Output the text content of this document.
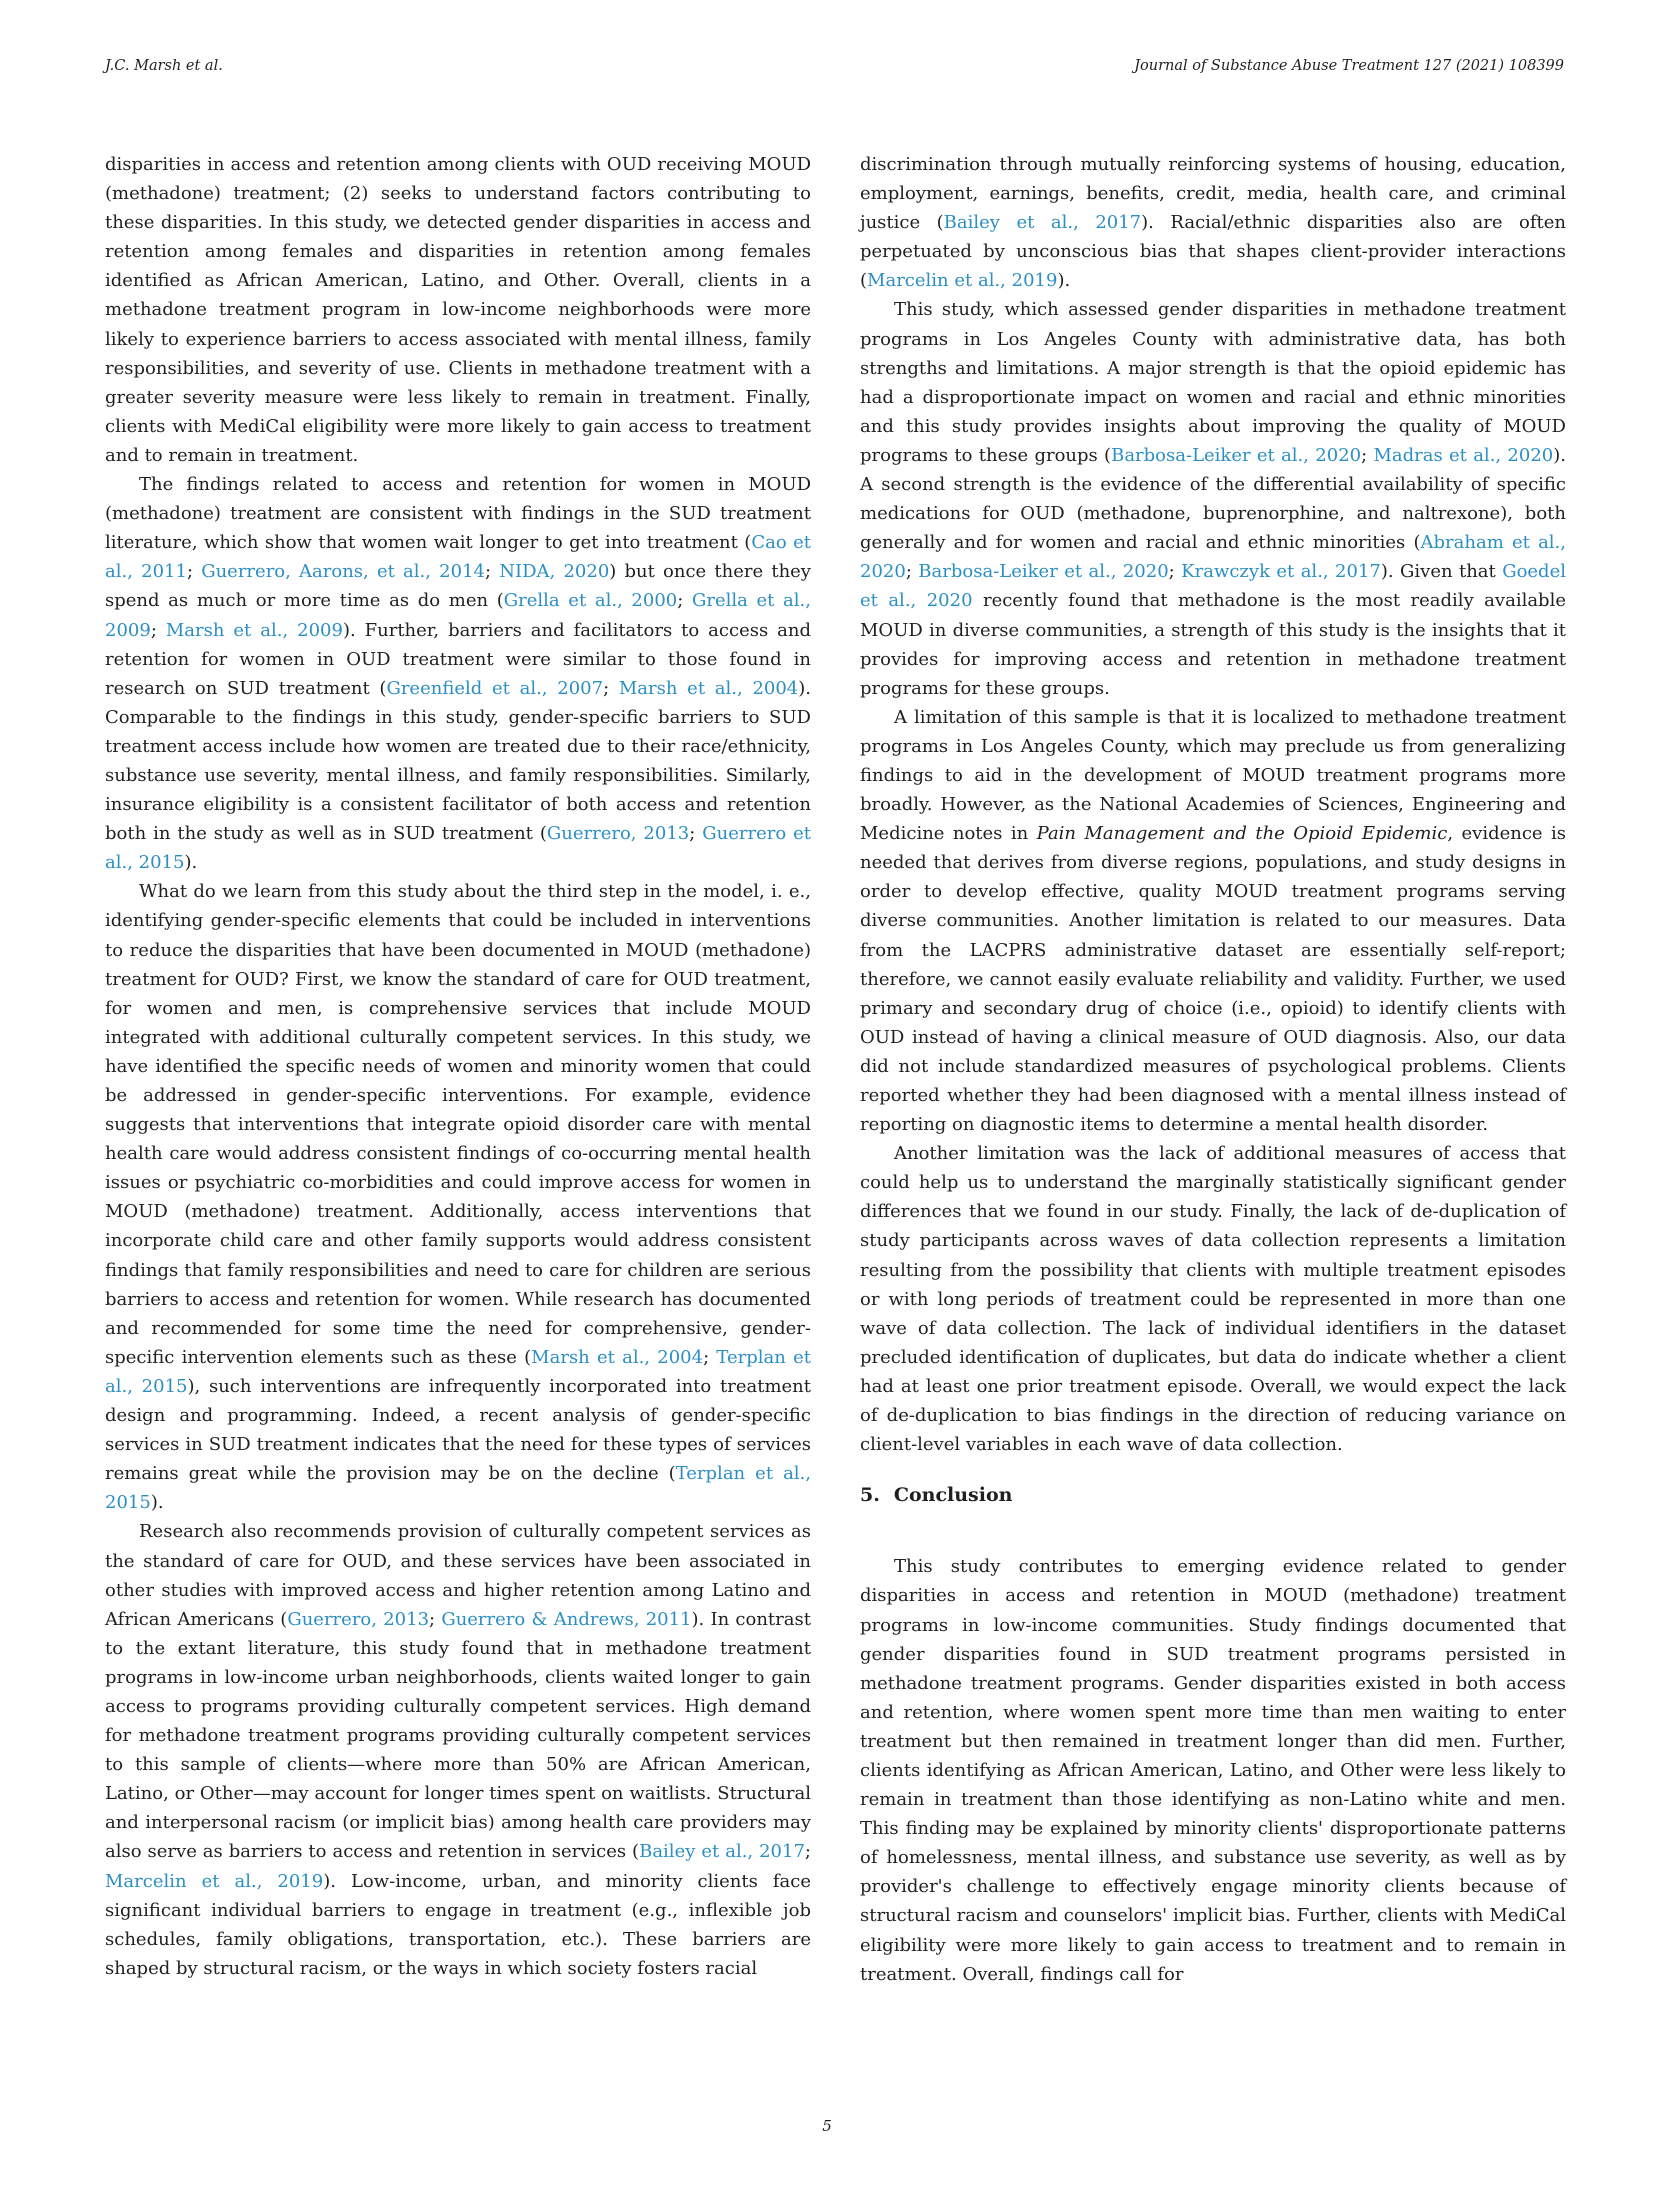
J.C. Marsh et al.	Journal of Substance Abuse Treatment 127 (2021) 108399

disparities in access and retention among clients with OUD receiving MOUD (methadone) treatment; (2) seeks to understand factors contributing to these disparities. In this study, we detected gender disparities in access and retention among females and disparities in retention among females identified as African American, Latino, and Other. Overall, clients in a methadone treatment program in low-income neighborhoods were more likely to experience barriers to access associated with mental illness, family responsibilities, and severity of use. Clients in methadone treatment with a greater severity measure were less likely to remain in treatment. Finally, clients with MediCal eligibility were more likely to gain access to treatment and to remain in treatment.

The findings related to access and retention for women in MOUD (methadone) treatment are consistent with findings in the SUD treatment literature, which show that women wait longer to get into treatment (Cao et al., 2011; Guerrero, Aarons, et al., 2014; NIDA, 2020) but once there they spend as much or more time as do men (Grella et al., 2000; Grella et al., 2009; Marsh et al., 2009). Further, barriers and facilitators to access and retention for women in OUD treatment were similar to those found in research on SUD treatment (Greenfield et al., 2007; Marsh et al., 2004). Comparable to the findings in this study, gender-specific barriers to SUD treatment access include how women are treated due to their race/ethnicity, substance use severity, mental illness, and family responsibilities. Similarly, insurance eligibility is a consistent facilitator of both access and retention both in the study as well as in SUD treatment (Guerrero, 2013; Guerrero et al., 2015).

What do we learn from this study about the third step in the model, i. e., identifying gender-specific elements that could be included in interventions to reduce the disparities that have been documented in MOUD (methadone) treatment for OUD? First, we know the standard of care for OUD treatment, for women and men, is comprehensive services that include MOUD integrated with additional culturally competent services. In this study, we have identified the specific needs of women and minority women that could be addressed in gender-specific interventions. For example, evidence suggests that interventions that integrate opioid disorder care with mental health care would address consistent findings of co-occurring mental health issues or psychiatric co-morbidities and could improve access for women in MOUD (methadone) treatment. Additionally, access interventions that incorporate child care and other family supports would address consistent findings that family responsibilities and need to care for children are serious barriers to access and retention for women. While research has documented and recommended for some time the need for comprehensive, gender-specific intervention elements such as these (Marsh et al., 2004; Terplan et al., 2015), such interventions are infrequently incorporated into treatment design and programming. Indeed, a recent analysis of gender-specific services in SUD treatment indicates that the need for these types of services remains great while the provision may be on the decline (Terplan et al., 2015).

Research also recommends provision of culturally competent services as the standard of care for OUD, and these services have been associated in other studies with improved access and higher retention among Latino and African Americans (Guerrero, 2013; Guerrero & Andrews, 2011). In contrast to the extant literature, this study found that in methadone treatment programs in low-income urban neighborhoods, clients waited longer to gain access to programs providing culturally competent services. High demand for methadone treatment programs providing culturally competent services to this sample of clients—where more than 50% are African American, Latino, or Other—may account for longer times spent on waitlists. Structural and interpersonal racism (or implicit bias) among health care providers may also serve as barriers to access and retention in services (Bailey et al., 2017; Marcelin et al., 2019). Low-income, urban, and minority clients face significant individual barriers to engage in treatment (e.g., inflexible job schedules, family obligations, transportation, etc.). These barriers are shaped by structural racism, or the ways in which society fosters racial

discrimination through mutually reinforcing systems of housing, education, employment, earnings, benefits, credit, media, health care, and criminal justice (Bailey et al., 2017). Racial/ethnic disparities also are often perpetuated by unconscious bias that shapes client-provider interactions (Marcelin et al., 2019).

This study, which assessed gender disparities in methadone treatment programs in Los Angeles County with administrative data, has both strengths and limitations. A major strength is that the opioid epidemic has had a disproportionate impact on women and racial and ethnic minorities and this study provides insights about improving the quality of MOUD programs to these groups (Barbosa-Leiker et al., 2020; Madras et al., 2020). A second strength is the evidence of the differential availability of specific medications for OUD (methadone, buprenorphine, and naltrexone), both generally and for women and racial and ethnic minorities (Abraham et al., 2020; Barbosa-Leiker et al., 2020; Krawczyk et al., 2017). Given that Goedel et al., 2020 recently found that methadone is the most readily available MOUD in diverse communities, a strength of this study is the insights that it provides for improving access and retention in methadone treatment programs for these groups.

A limitation of this sample is that it is localized to methadone treatment programs in Los Angeles County, which may preclude us from generalizing findings to aid in the development of MOUD treatment programs more broadly. However, as the National Academies of Sciences, Engineering and Medicine notes in Pain Management and the Opioid Epidemic, evidence is needed that derives from diverse regions, populations, and study designs in order to develop effective, quality MOUD treatment programs serving diverse communities. Another limitation is related to our measures. Data from the LACPRS administrative dataset are essentially self-report; therefore, we cannot easily evaluate reliability and validity. Further, we used primary and secondary drug of choice (i.e., opioid) to identify clients with OUD instead of having a clinical measure of OUD diagnosis. Also, our data did not include standardized measures of psychological problems. Clients reported whether they had been diagnosed with a mental illness instead of reporting on diagnostic items to determine a mental health disorder.

Another limitation was the lack of additional measures of access that could help us to understand the marginally statistically significant gender differences that we found in our study. Finally, the lack of de-duplication of study participants across waves of data collection represents a limitation resulting from the possibility that clients with multiple treatment episodes or with long periods of treatment could be represented in more than one wave of data collection. The lack of individual identifiers in the dataset precluded identification of duplicates, but data do indicate whether a client had at least one prior treatment episode. Overall, we would expect the lack of de-duplication to bias findings in the direction of reducing variance on client-level variables in each wave of data collection.

5. Conclusion

This study contributes to emerging evidence related to gender disparities in access and retention in MOUD (methadone) treatment programs in low-income communities. Study findings documented that gender disparities found in SUD treatment programs persisted in methadone treatment programs. Gender disparities existed in both access and retention, where women spent more time than men waiting to enter treatment but then remained in treatment longer than did men. Further, clients identifying as African American, Latino, and Other were less likely to remain in treatment than those identifying as non-Latino white and men. This finding may be explained by minority clients' disproportionate patterns of homelessness, mental illness, and substance use severity, as well as by provider's challenge to effectively engage minority clients because of structural racism and counselors' implicit bias. Further, clients with MediCal eligibility were more likely to gain access to treatment and to remain in treatment. Overall, findings call for

5
